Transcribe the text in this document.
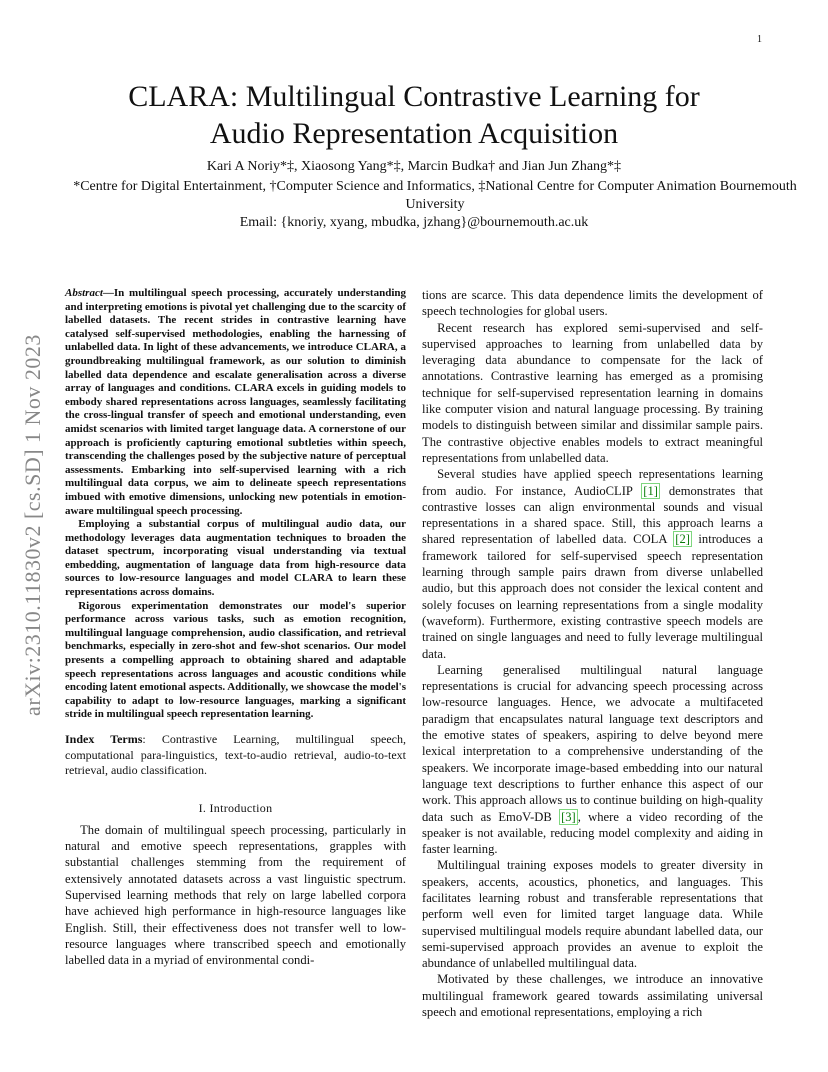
1
CLARA: Multilingual Contrastive Learning for
Audio Representation Acquisition
Kari A Noriy*‡, Xiaosong Yang*‡, Marcin Budka† and Jian Jun Zhang*‡
*Centre for Digital Entertainment, †Computer Science and Informatics, ‡National Centre for Computer Animation Bournemouth University
Email: {knoriy, xyang, mbudka, jzhang}@bournemouth.ac.uk
arXiv:2310.11830v2 [cs.SD] 1 Nov 2023

Abstract—In multilingual speech processing, accurately understanding and interpreting emotions is pivotal yet challenging due to the scarcity of labelled datasets. The recent strides in contrastive learning have catalysed self-supervised methodologies, enabling the harnessing of unlabelled data. In light of these advancements, we introduce CLARA, a groundbreaking multilingual framework, as our solution to diminish labelled data dependence and escalate generalisation across a diverse array of languages and conditions. CLARA excels in guiding models to embody shared representations across languages, seamlessly facilitating the cross-lingual transfer of speech and emotional understanding, even amidst scenarios with limited target language data. A cornerstone of our approach is proficiently capturing emotional subtleties within speech, transcending the challenges posed by the subjective nature of perceptual assessments. Embarking into self-supervised learning with a rich multilingual data corpus, we aim to delineate speech representations imbued with emotive dimensions, unlocking new potentials in emotion-aware multilingual speech processing.

Employing a substantial corpus of multilingual audio data, our methodology leverages data augmentation techniques to broaden the dataset spectrum, incorporating visual understanding via textual embedding, augmentation of language data from high-resource data sources to low-resource languages and model CLARA to learn these representations across domains.

Rigorous experimentation demonstrates our model's superior performance across various tasks, such as emotion recognition, multilingual language comprehension, audio classification, and retrieval benchmarks, especially in zero-shot and few-shot scenarios. Our model presents a compelling approach to obtaining shared and adaptable speech representations across languages and acoustic conditions while encoding latent emotional aspects. Additionally, we showcase the model's capability to adapt to low-resource languages, marking a significant stride in multilingual speech representation learning.

Index Terms: Contrastive Learning, multilingual speech, computational para-linguistics, text-to-audio retrieval, audio-to-text retrieval, audio classification.
I. Introduction

The domain of multilingual speech processing, particularly in natural and emotive speech representations, grapples with substantial challenges stemming from the requirement of extensively annotated datasets across a vast linguistic spectrum. Supervised learning methods that rely on large labelled corpora have achieved high performance in high-resource languages like English. Still, their effectiveness does not transfer well to low-resource languages where transcribed speech and emotionally labelled data in a myriad of environmental condi-

tions are scarce. This data dependence limits the development of speech technologies for global users.

Recent research has explored semi-supervised and self-supervised approaches to learning from unlabelled data by leveraging data abundance to compensate for the lack of annotations. Contrastive learning has emerged as a promising technique for self-supervised representation learning in domains like computer vision and natural language processing. By training models to distinguish between similar and dissimilar sample pairs. The contrastive objective enables models to extract meaningful representations from unlabelled data.

Several studies have applied speech representations learning from audio. For instance, AudioCLIP [1] demonstrates that contrastive losses can align environmental sounds and visual representations in a shared space. Still, this approach learns a shared representation of labelled data. COLA [2] introduces a framework tailored for self-supervised speech representation learning through sample pairs drawn from diverse unlabelled audio, but this approach does not consider the lexical content and solely focuses on learning representations from a single modality (waveform). Furthermore, existing contrastive speech models are trained on single languages and need to fully leverage multilingual data.

Learning generalised multilingual natural language representations is crucial for advancing speech processing across low-resource languages. Hence, we advocate a multifaceted paradigm that encapsulates natural language text descriptors and the emotive states of speakers, aspiring to delve beyond mere lexical interpretation to a comprehensive understanding of the speakers. We incorporate image-based embedding into our natural language text descriptions to further enhance this aspect of our work. This approach allows us to continue building on high-quality data such as EmoV-DB [3] , where a video recording of the speaker is not available, reducing model complexity and aiding in faster learning.

Multilingual training exposes models to greater diversity in speakers, accents, acoustics, phonetics, and languages. This facilitates learning robust and transferable representations that perform well even for limited target language data. While supervised multilingual models require abundant labelled data, our semi-supervised approach provides an avenue to exploit the abundance of unlabelled multilingual data.

Motivated by these challenges, we introduce an innovative multilingual framework geared towards assimilating universal speech and emotional representations, employing a rich
